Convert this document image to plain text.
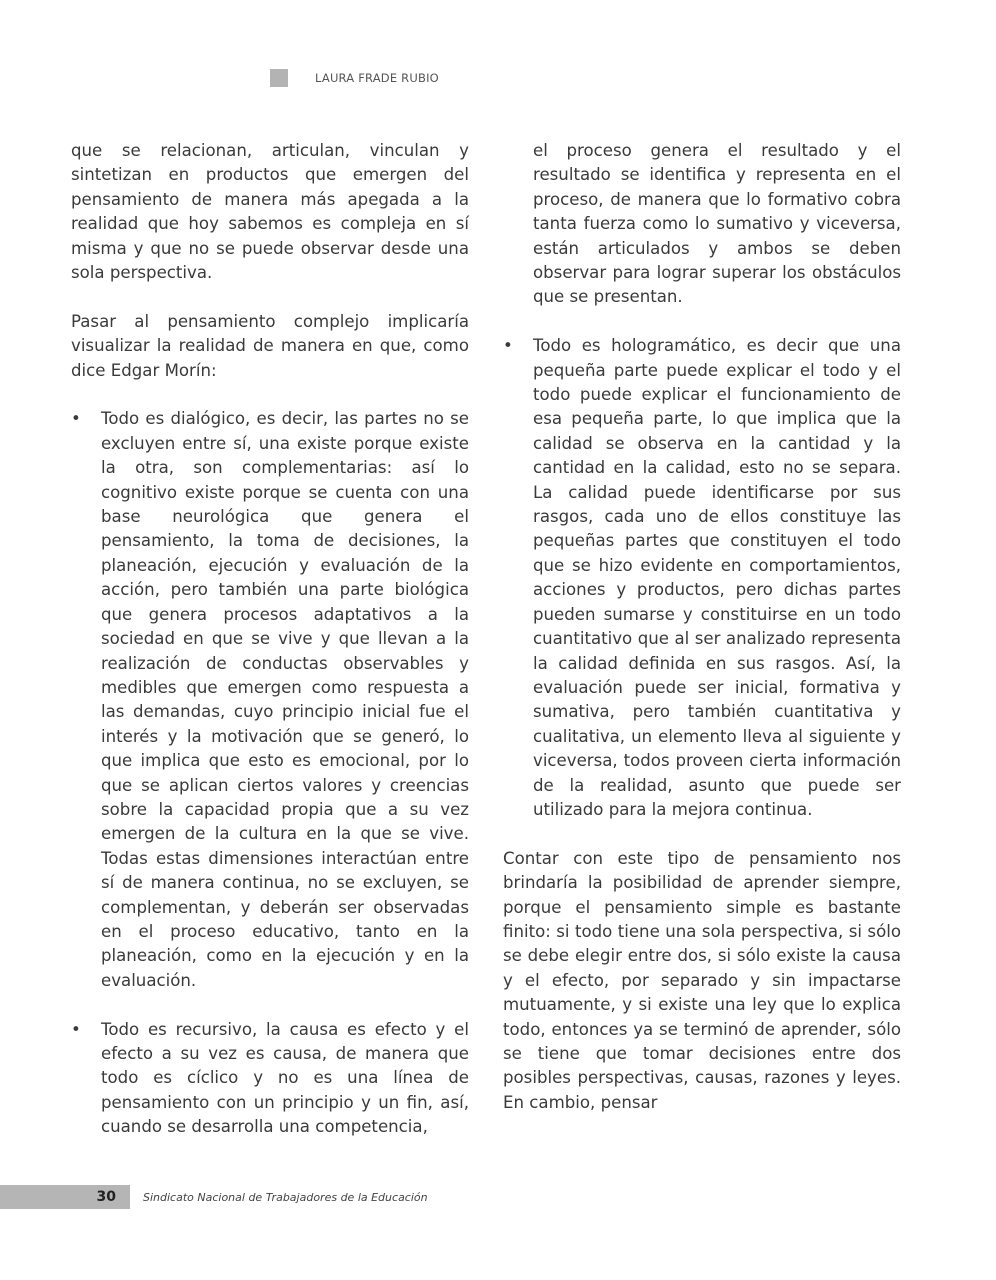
LAURA FRADE RUBIO

que se relacionan, articulan, vinculan y sintetizan en productos que emergen del pensamiento de manera más apegada a la realidad que hoy sabemos es compleja en sí misma y que no se puede observar desde una sola perspectiva.

Pasar al pensamiento complejo implicaría visualizar la realidad de manera en que, como dice Edgar Morín:

•	Todo es dialógico, es decir, las partes no se excluyen entre sí, una existe porque existe la otra, son complementarias: así lo cognitivo existe porque se cuenta con una base neurológica que genera el pensamiento, la toma de decisiones, la planeación, ejecución y evaluación de la acción, pero también una parte biológica que genera procesos adaptativos a la sociedad en que se vive y que llevan a la realización de conductas observables y medibles que emergen como respuesta a las demandas, cuyo principio inicial fue el interés y la motivación que se generó, lo que implica que esto es emocional, por lo que se aplican ciertos valores y creencias sobre la capacidad propia que a su vez emergen de la cultura en la que se vive. Todas estas dimensiones interactúan entre sí de manera continua, no se excluyen, se complementan, y deberán ser observadas en el proceso educativo, tanto en la planeación, como en la ejecución y en la evaluación.
•	Todo es recursivo, la causa es efecto y el efecto a su vez es causa, de manera que todo es cíclico y no es una línea de pensamiento con un principio y un fin, así, cuando se desarrolla una competencia,

el proceso genera el resultado y el resultado se identifica y representa en el proceso, de manera que lo formativo cobra tanta fuerza como lo sumativo y viceversa, están articulados y ambos se deben observar para lograr superar los obstáculos que se presentan.

•	Todo es hologramático, es decir que una pequeña parte puede explicar el todo y el todo puede explicar el funcionamiento de esa pequeña parte, lo que implica que la calidad se observa en la cantidad y la cantidad en la calidad, esto no se separa. La calidad puede identificarse por sus rasgos, cada uno de ellos constituye las pequeñas partes que constituyen el todo que se hizo evidente en comportamientos, acciones y productos, pero dichas partes pueden sumarse y constituirse en un todo cuantitativo que al ser analizado representa la calidad definida en sus rasgos. Así, la evaluación puede ser inicial, formativa y sumativa, pero también cuantitativa y cualitativa, un elemento lleva al siguiente y viceversa, todos proveen cierta información de la realidad, asunto que puede ser utilizado para la mejora continua.

Contar con este tipo de pensamiento nos brindaría la posibilidad de aprender siempre, porque el pensamiento simple es bastante finito: si todo tiene una sola perspectiva, si sólo se debe elegir entre dos, si sólo existe la causa y el efecto, por separado y sin impactarse mutuamente, y si existe una ley que lo explica todo, entonces ya se terminó de aprender, sólo se tiene que tomar decisiones entre dos posibles perspectivas, causas, razones y leyes. En cambio, pensar

30 Sindicato Nacional de Trabajadores de la Educación
